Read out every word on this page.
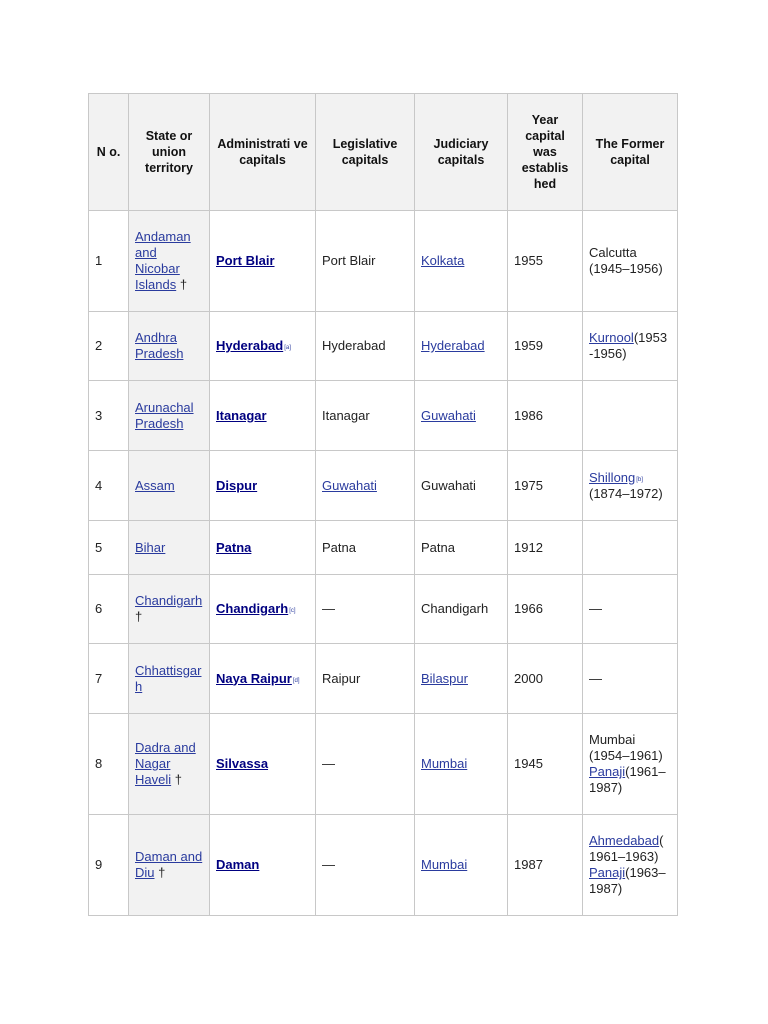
N o.	State or union territory	Administrati ve capitals	Legislative capitals	Judiciary capitals	Year capital was establis hed	The Former capital
1	Andaman and Nicobar Islands †	Port Blair	Port Blair	Kolkata	1955	Calcutta (1945–1956)
2	Andhra Pradesh	Hyderabad[a]	Hyderabad	Hyderabad	1959	Kurnool(1953 -1956)
3	Arunachal Pradesh	Itanagar	Itanagar	Guwahati	1986	
4	Assam	Dispur	Guwahati	Guwahati	1975	Shillong[b] (1874–1972)
5	Bihar	Patna	Patna	Patna	1912	
6	Chandigarh †	Chandigarh[c]	—	Chandigarh	1966	—
7	Chhattisgarh	Naya Raipur[d]	Raipur	Bilaspur	2000	—
8	Dadra and Nagar Haveli †	Silvassa	—	Mumbai	1945	Mumbai (1954–1961) Panaji(1961–1987)
9	Daman and Diu †	Daman	—	Mumbai	1987	Ahmedabad( 1961–1963) Panaji(1963–1987)
